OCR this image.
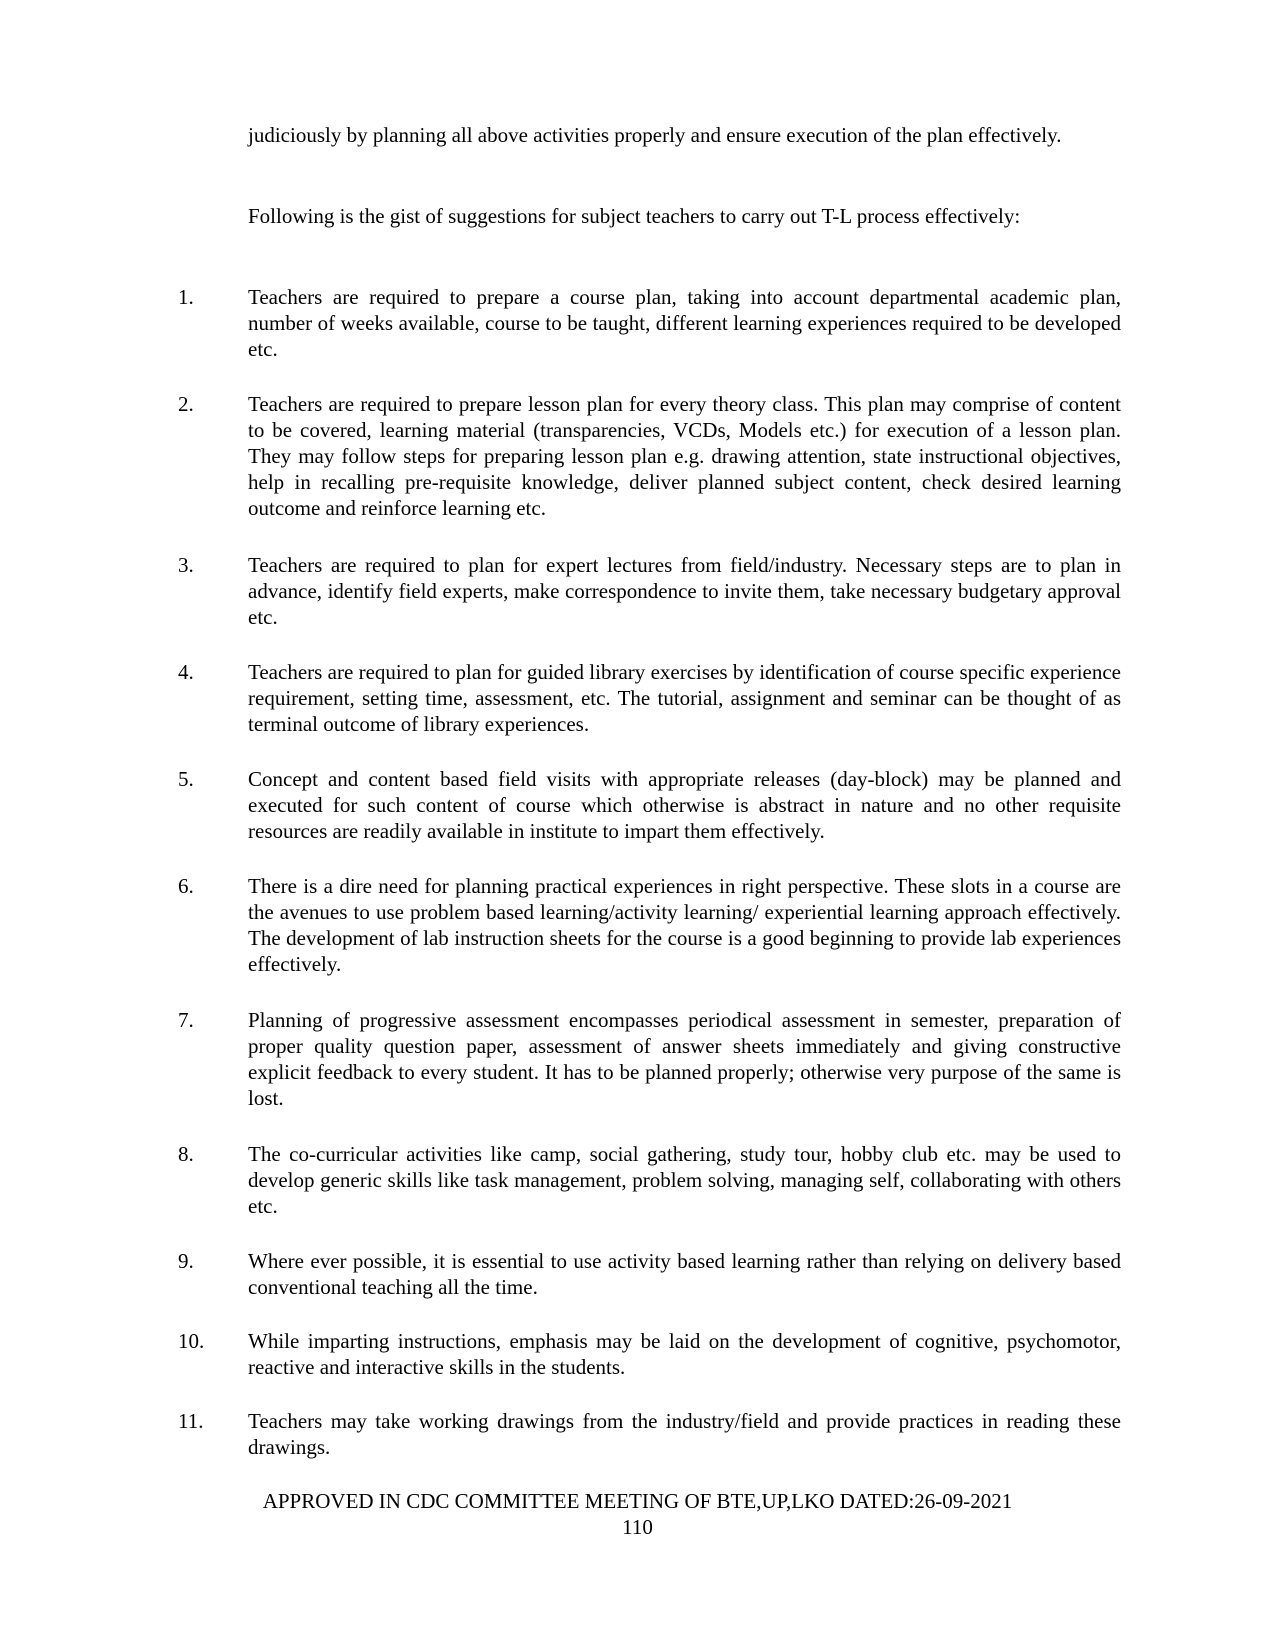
judiciously by planning all above activities properly and ensure execution of the plan effectively.

Following is the gist of suggestions for subject teachers to carry out T-L process effectively:

1.	Teachers are required to prepare a course plan, taking into account departmental academic plan, number of weeks available, course to be taught, different learning experiences required to be developed etc.

2.	Teachers are required to prepare lesson plan for every theory class. This plan may comprise of content to be covered, learning material (transparencies, VCDs, Models etc.) for execution of a lesson plan. They may follow steps for preparing lesson plan e.g. drawing attention, state instructional objectives, help in recalling pre-requisite knowledge, deliver planned subject content, check desired learning outcome and reinforce learning etc.

3.	Teachers are required to plan for expert lectures from field/industry. Necessary steps are to plan in advance, identify field experts, make correspondence to invite them, take necessary budgetary approval etc.

4.	Teachers are required to plan for guided library exercises by identification of course specific experience requirement, setting time, assessment, etc. The tutorial, assignment and seminar can be thought of as terminal outcome of library experiences.

5.	Concept and content based field visits with appropriate releases (day-block) may be planned and executed for such content of course which otherwise is abstract in nature and no other requisite resources are readily available in institute to impart them effectively.

6.	There is a dire need for planning practical experiences in right perspective. These slots in a course are the avenues to use problem based learning/activity learning/ experiential learning approach effectively. The development of lab instruction sheets for the course is a good beginning to provide lab experiences effectively.

7.	Planning of progressive assessment encompasses periodical assessment in semester, preparation of proper quality question paper, assessment of answer sheets immediately and giving constructive explicit feedback to every student. It has to be planned properly; otherwise very purpose of the same is lost.

8.	The co-curricular activities like camp, social gathering, study tour, hobby club etc. may be used to develop generic skills like task management, problem solving, managing self, collaborating with others etc.

9.	Where ever possible, it is essential to use activity based learning rather than relying on delivery based conventional teaching all the time.

10.	While imparting instructions, emphasis may be laid on the development of cognitive, psychomotor, reactive and interactive skills in the students.

11.	Teachers may take working drawings from the industry/field and provide practices in reading these drawings.

APPROVED IN CDC COMMITTEE MEETING OF BTE,UP,LKO DATED:26-09-2021
110
